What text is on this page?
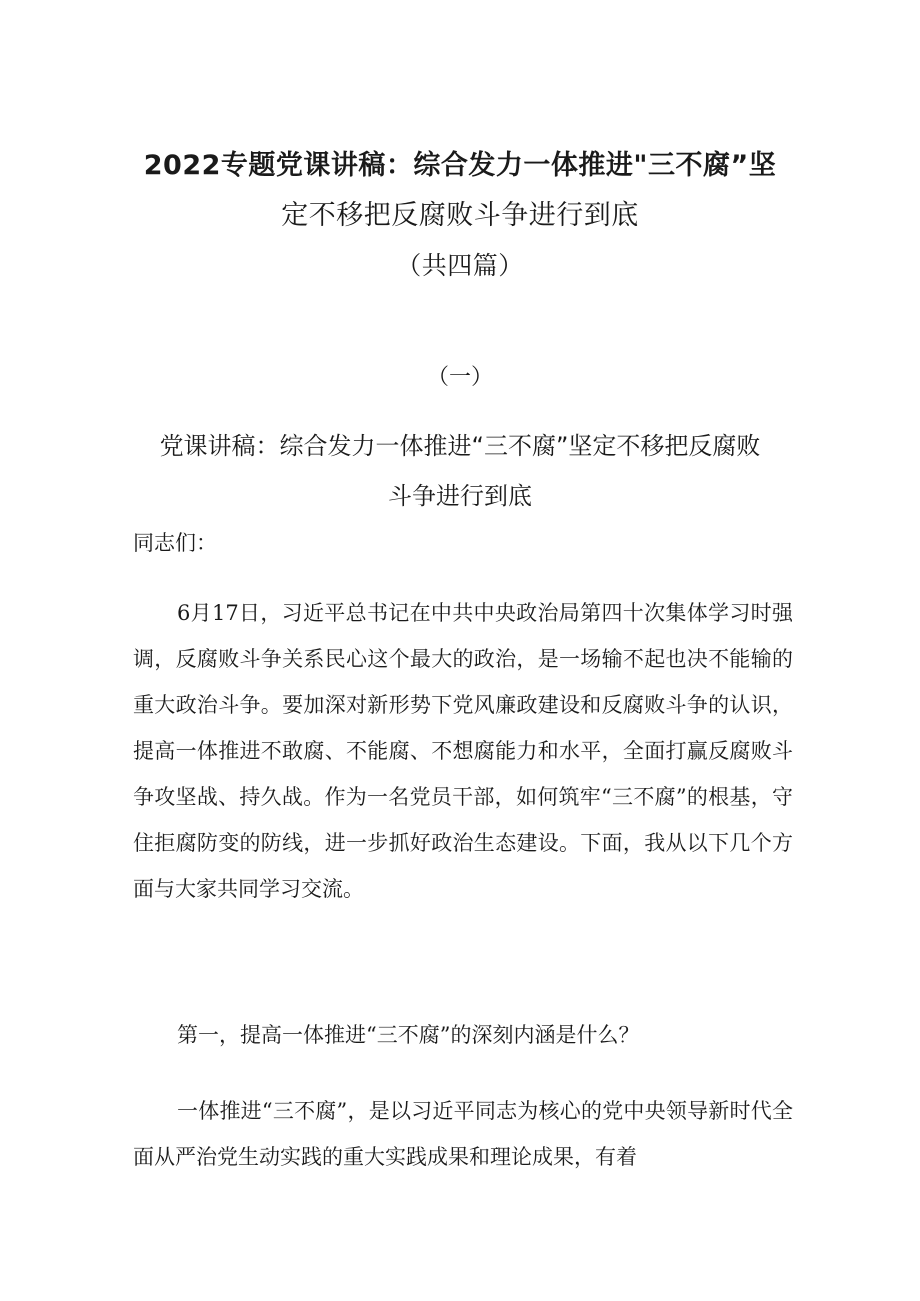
2022专题党课讲稿：综合发力一体推进"三不腐”坚
定不移把反腐败斗争进行到底
（共四篇）
（一）
党课讲稿：综合发力一体推进“三不腐”坚定不移把反腐败
斗争进行到底
同志们：
6月17日，习近平总书记在中共中央政治局第四十次集体学习时强调，反腐败斗争关系民心这个最大的政治，是一场输不起也决不能输的重大政治斗争。要加深对新形势下党风廉政建设和反腐败斗争的认识，提高一体推进不敢腐、不能腐、不想腐能力和水平，全面打赢反腐败斗争攻坚战、持久战。作为一名党员干部，如何筑牢“三不腐”的根基，守住拒腐防变的防线，进一步抓好政治生态建设。下面，我从以下几个方面与大家共同学习交流。
第一，提高一体推进“三不腐”的深刻内涵是什么？
一体推进“三不腐”，是以习近平同志为核心的党中央领导新时代全面从严治党生动实践的重大实践成果和理论成果，有着
